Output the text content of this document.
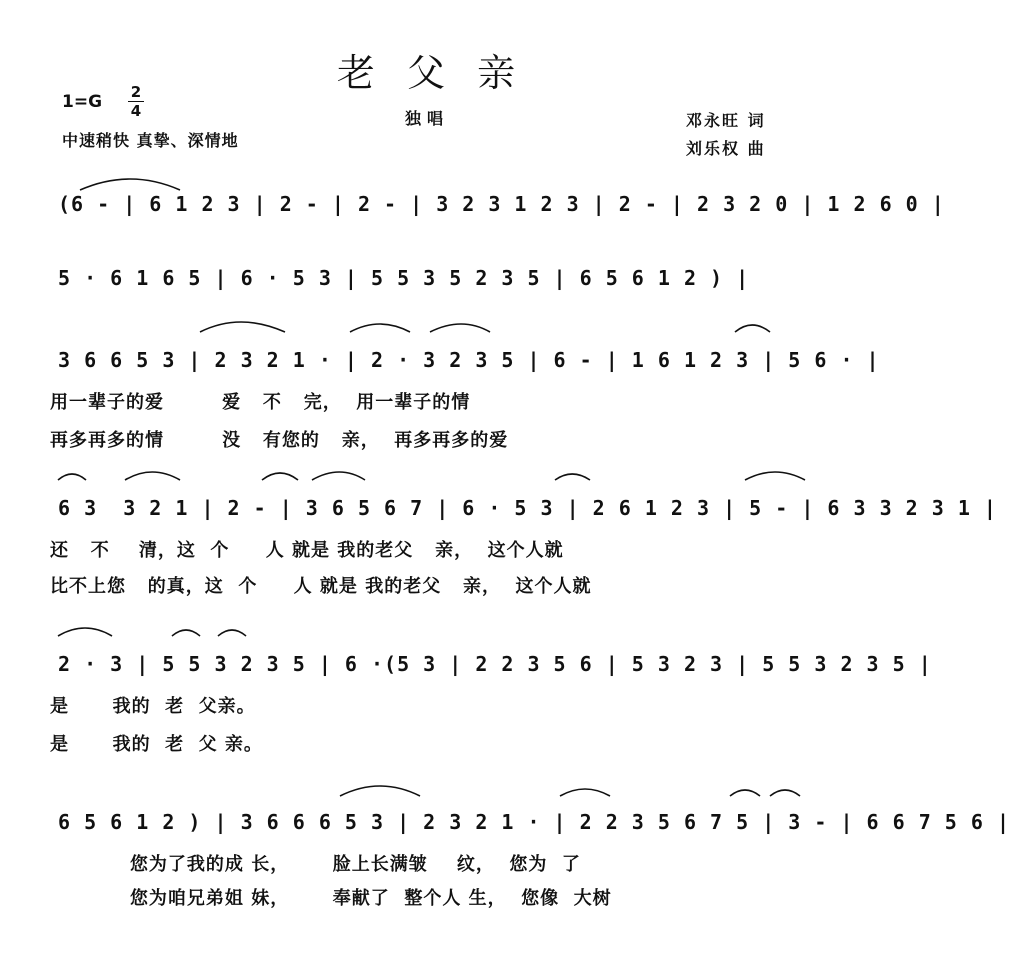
老 父 亲
1=G 2
4
中速稍快 真挚、深情地
独唱	邓永旺 词
刘乐权 曲
(6 - | 6 1 2 3 | 2 - | 2 - | 3 2 3 1 2 3 | 2 - | 2 3 2 0 | 1 2 6 0 |
5 · 6 1 6 5 | 6 · 5 3 | 5 5 3 5 2 3 5 | 6 5 6 1 2 ) |
3 6 6 5 3 | 2 3 2 1 · | 2 · 3 2 3 5 | 6 - | 1 6 1 2 3 | 5 6 · |
用一辈子的爱        爱   不   完，  用一辈子的情
再多再多的情        没   有您的   亲，  再多再多的爱
6 3  3 2 1 | 2 - | 3 6 5 6 7 | 6 · 5 3 | 2 6 1 2 3 | 5 - | 6 3 3 2 3 1 |
还   不    清，这  个     人 就是 我的老父   亲，  这个人就
比不上您   的真，这  个     人 就是 我的老父   亲，  这个人就
2 · 3 | 5 5 3 2 3 5 | 6 ·(5 3 | 2 2 3 5 6 | 5 3 2 3 | 5 5 3 2 3 5 |
是      我的  老  父亲。
是      我的  老  父 亲。
6 5 6 1 2 ) | 3 6 6 6 5 3 | 2 3 2 1 · | 2 2 3 5 6 7 5 | 3 - | 6 6 7 5 6 |
您为了我的成 长，      脸上长满皱    纹，  您为  了
您为咱兄弟姐 妹，      奉献了  整个人 生，  您像  大树
